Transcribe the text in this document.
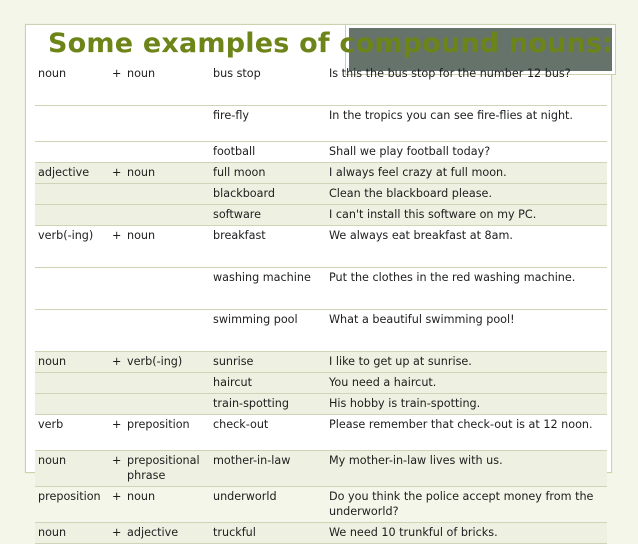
Some examples of compound nouns:
noun	+	noun	bus stop	Is this the bus stop for the number 12 bus?
			fire-fly	In the tropics you can see fire-flies at night.
			football	Shall we play football today?
adjective	+	noun	full moon	I always feel crazy at full moon.
			blackboard	Clean the blackboard please.
			software	I can't install this software on my PC.
verb(-ing)	+	noun	breakfast	We always eat breakfast at 8am.
			washing machine	Put the clothes in the red washing machine.
			swimming pool	What a beautiful swimming pool!
noun	+	verb(-ing)	sunrise	I like to get up at sunrise.
			haircut	You need a haircut.
			train-spotting	His hobby is train-spotting.
verb	+	preposition	check-out	Please remember that check-out is at 12 noon.
noun	+	prepositional phrase	mother-in-law	My mother-in-law lives with us.
preposition	+	noun	underworld	Do you think the police accept money from the underworld?
noun	+	adjective	truckful	We need 10 trunkful of bricks.
